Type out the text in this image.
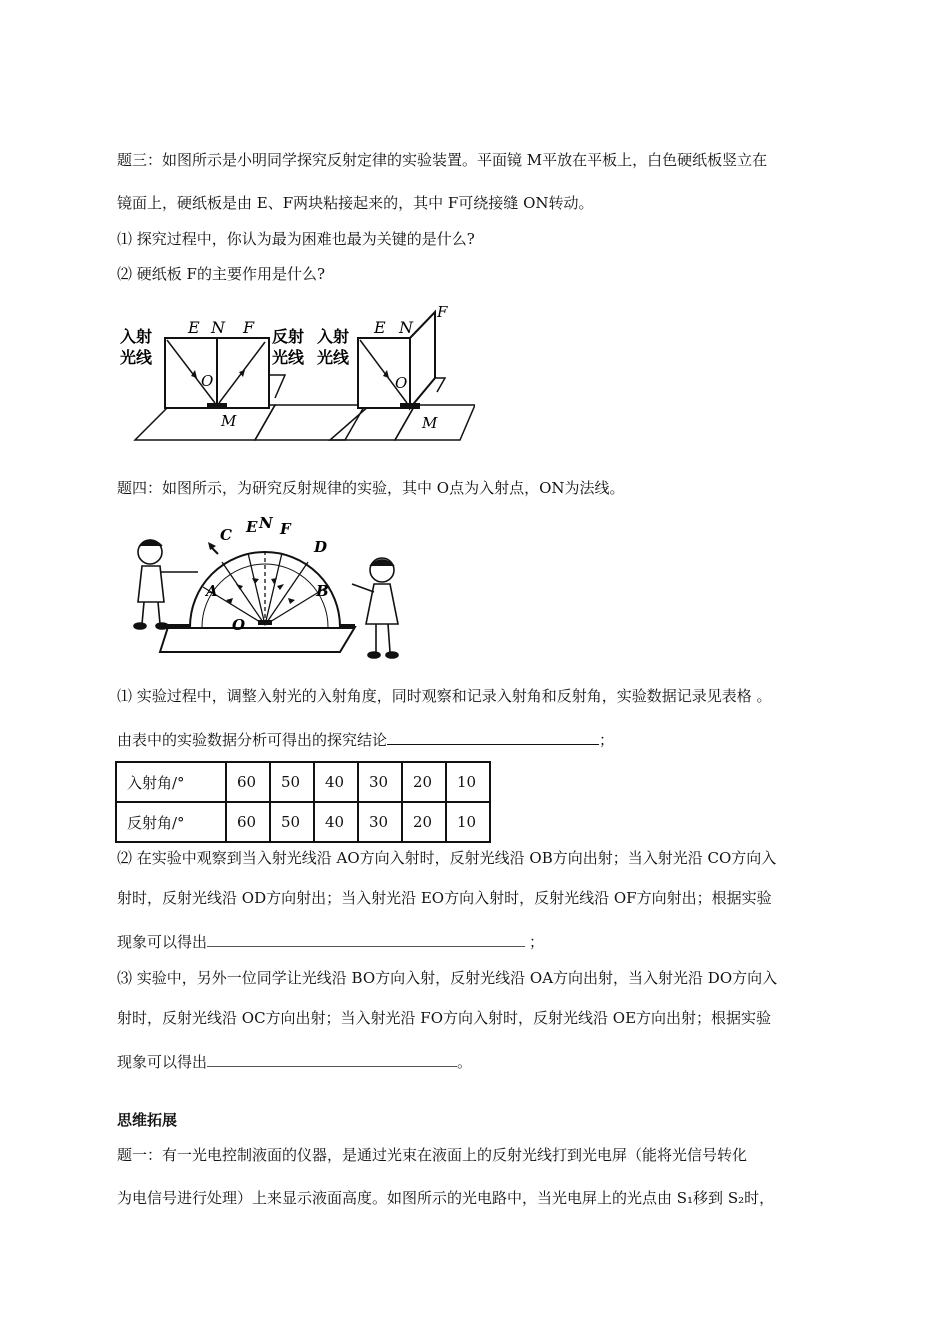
题三：如图所示是小明同学探究反射定律的实验装置。平面镜 M平放在平板上，白色硬纸板竖立在
镜面上，硬纸板是由 E、F两块粘接起来的，其中 F可绕接缝 ON转动。
⑴ 探究过程中，你认为最为困难也最为关键的是什么?
⑵ 硬纸板 F的主要作用是什么?
入射
光线
E N F
O
M
反射
光线
入射
光线
E N
F
O
M
题四：如图所示，为研究反射规律的实验，其中 O点为入射点，ON为法线。
A	B
C
D
E N F
O
⑴ 实验过程中，调整入射光的入射角度，同时观察和记录入射角和反射角，实验数据记录见表格 。
由表中的实验数据分析可得出的探究结论	；
入射角/°	60	50	40	30	20	10
反射角/°	60	50	40	30	20	10
⑵ 在实验中观察到当入射光线沿 AO方向入射时，反射光线沿 OB方向出射；当入射光沿 CO方向入
射时，反射光线沿 OD方向射出；当入射光沿 EO方向入射时，反射光线沿 OF方向射出；根据实验
现象可以得出	；
⑶ 实验中，另外一位同学让光线沿 BO方向入射，反射光线沿 OA方向出射，当入射光沿 DO方向入
射时，反射光线沿 OC方向出射；当入射光沿 FO方向入射时，反射光线沿 OE方向出射；根据实验
现象可以得出	。
思维拓展
题一：有一光电控制液面的仪器，是通过光束在液面上的反射光线打到光电屏（能将光信号转化
为电信号进行处理）上来显示液面高度。如图所示的光电路中，当光电屏上的光点由 S₁移到 S₂时，
